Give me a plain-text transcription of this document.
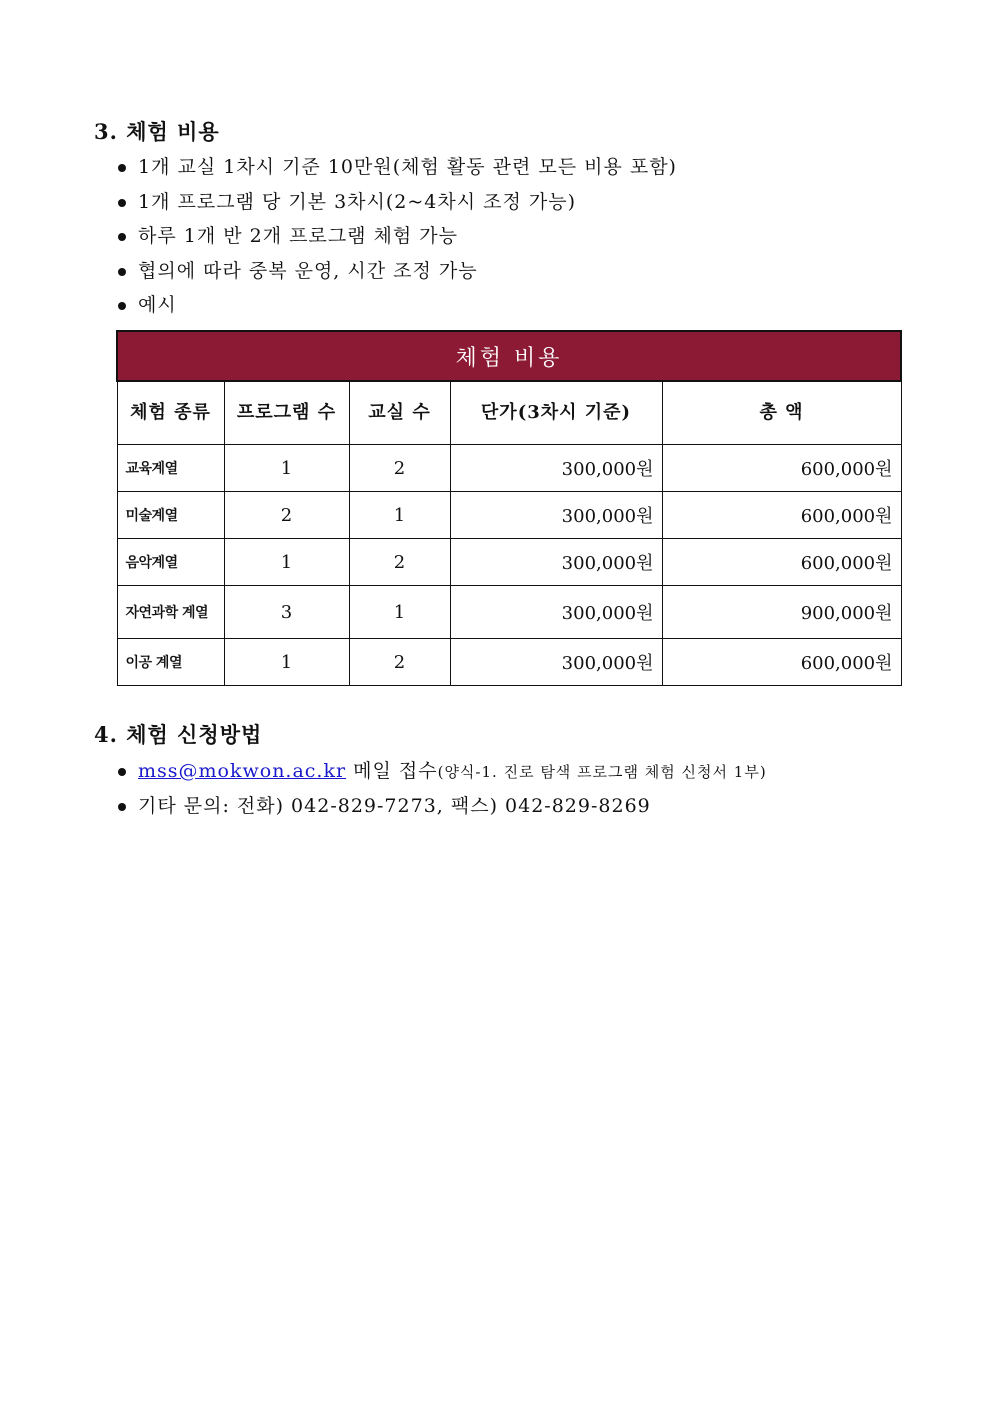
3. 체험 비용
1개 교실 1차시 기준 10만원(체험 활동 관련 모든 비용 포함)
1개 프로그램 당 기본 3차시(2~4차시 조정 가능)
하루 1개 반 2개 프로그램 체험 가능
협의에 따라 중복 운영, 시간 조정 가능
예시
체험 비용				
체험 종류	프로그램 수	교실 수	단가(3차시 기준)	총 액
교육계열	1	2	300,000원	600,000원
미술계열	2	1	300,000원	600,000원
음악계열	1	2	300,000원	600,000원
자연과학 계열	3	1	300,000원	900,000원
이공 계열	1	2	300,000원	600,000원
4. 체험 신청방법
mss@mokwon.ac.kr 메일 접수(양식-1. 진로 탐색 프로그램 체험 신청서 1부)
기타 문의: 전화) 042-829-7273, 팩스) 042-829-8269
